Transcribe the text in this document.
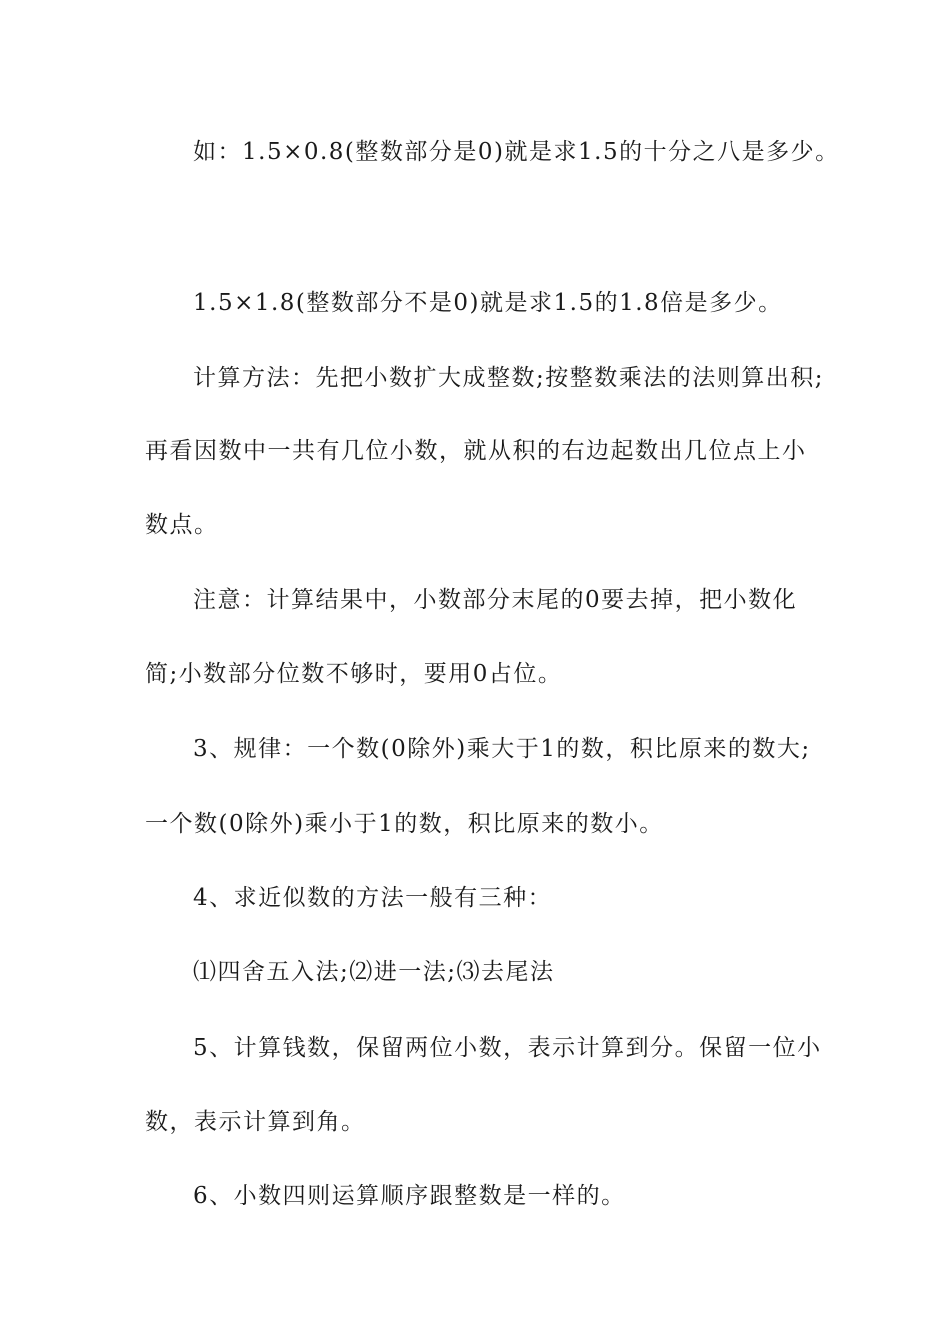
如：1.5×0.8(整数部分是0)就是求1.5的十分之八是多少。
1.5×1.8(整数部分不是0)就是求1.5的1.8倍是多少。
计算方法：先把小数扩大成整数;按整数乘法的法则算出积;
再看因数中一共有几位小数，就从积的右边起数出几位点上小
数点。
注意：计算结果中，小数部分末尾的0要去掉，把小数化
简;小数部分位数不够时，要用0占位。
3、规律：一个数(0除外)乘大于1的数，积比原来的数大;
一个数(0除外)乘小于1的数，积比原来的数小。
4、求近似数的方法一般有三种：
⑴四舍五入法;⑵进一法;⑶去尾法
5、计算钱数，保留两位小数，表示计算到分。保留一位小
数，表示计算到角。
6、小数四则运算顺序跟整数是一样的。
